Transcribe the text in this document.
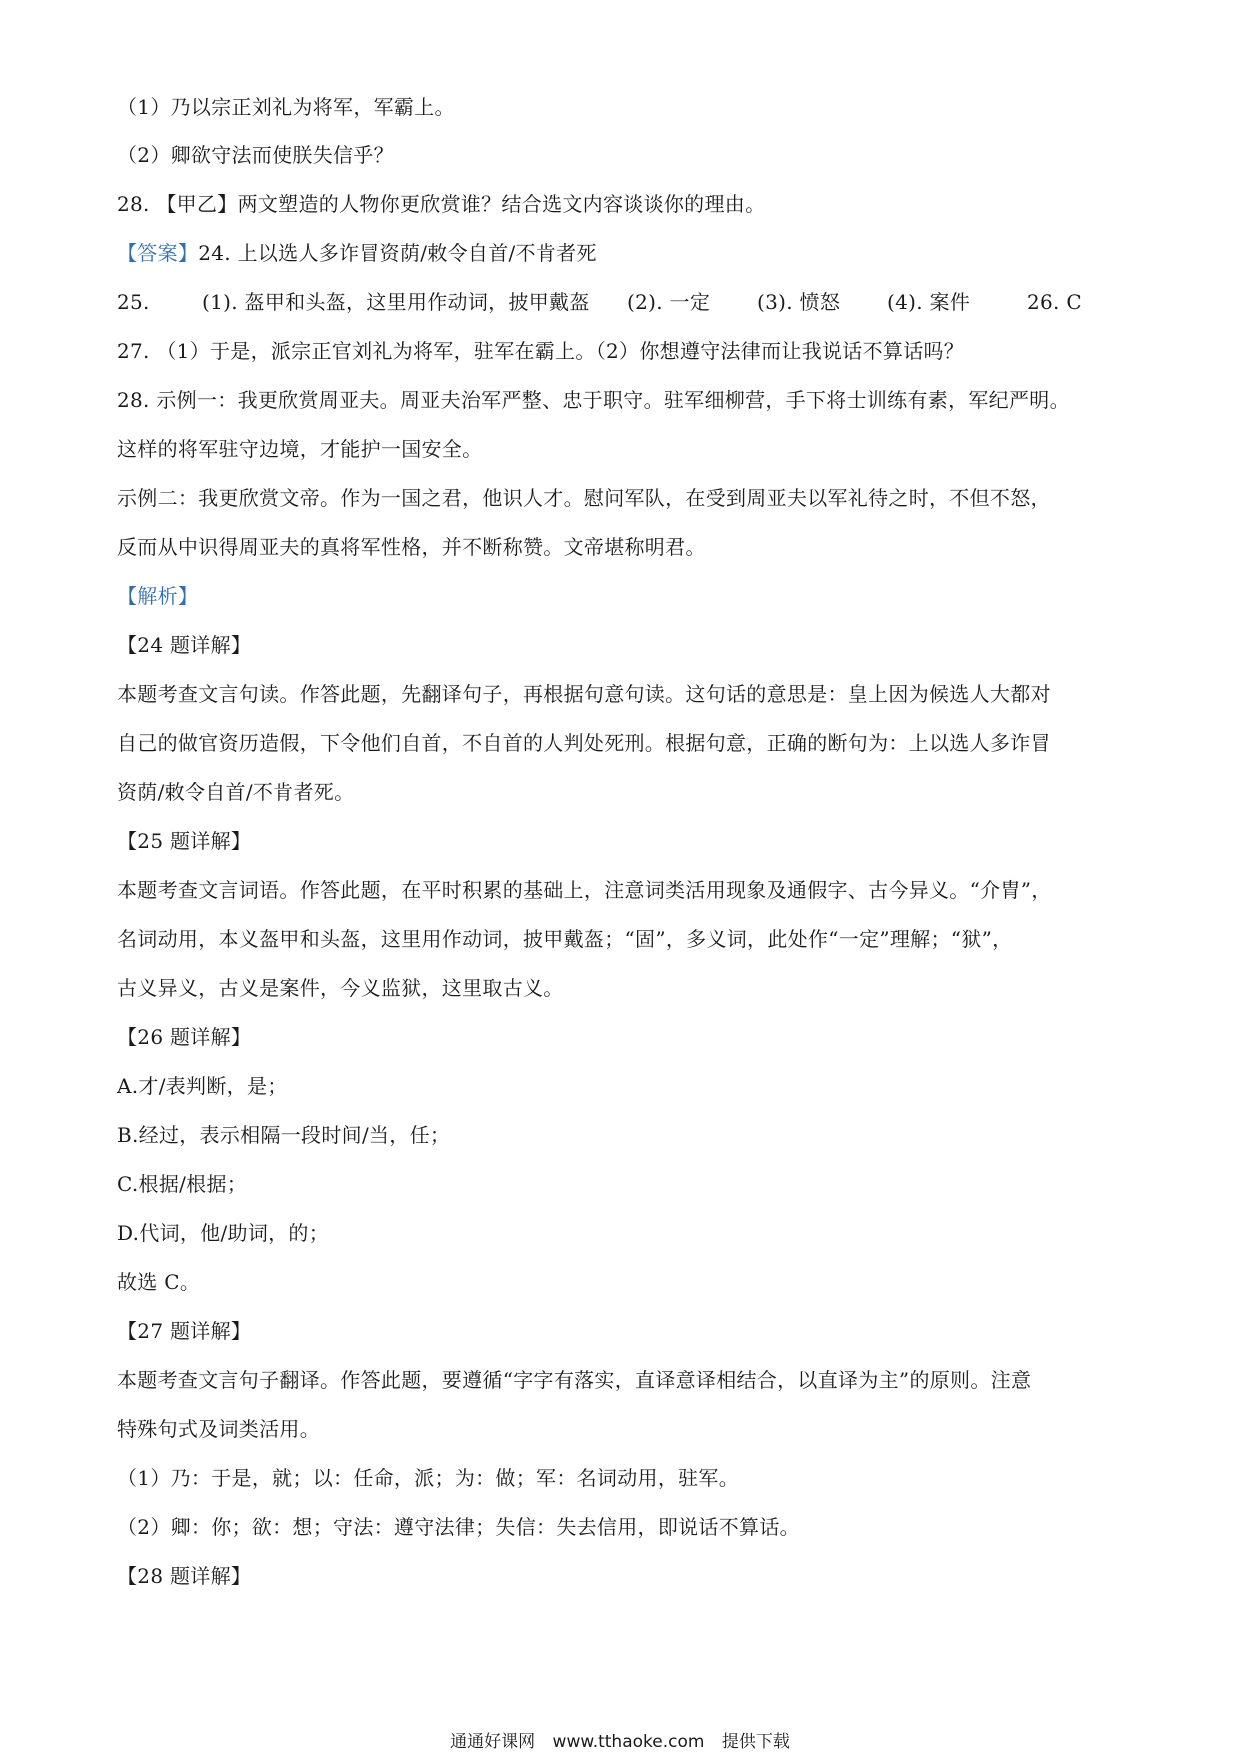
（1）乃以宗正刘礼为将军，军霸上。
（2）卿欲守法而使朕失信乎？
28. 【甲乙】两文塑造的人物你更欣赏谁？结合选文内容谈谈你的理由。
【答案】24. 上以选人多诈冒资荫/敕令自首/不肯者死
25.	(1). 盔甲和头盔，这里用作动词，披甲戴盔 (2). 一定 (3). 愤怒 (4). 案件	26. C
27. （1）于是，派宗正官刘礼为将军，驻军在霸上。（2）你想遵守法律而让我说话不算话吗？
28. 示例一：我更欣赏周亚夫。周亚夫治军严整、忠于职守。驻军细柳营，手下将士训练有素，军纪严明。
这样的将军驻守边境，才能护一国安全。
示例二：我更欣赏文帝。作为一国之君，他识人才。慰问军队，在受到周亚夫以军礼待之时，不但不怒，
反而从中识得周亚夫的真将军性格，并不断称赞。文帝堪称明君。
【解析】
【24 题详解】
本题考查文言句读。作答此题，先翻译句子，再根据句意句读。这句话的意思是：皇上因为候选人大都对
自己的做官资历造假，下令他们自首，不自首的人判处死刑。根据句意，正确的断句为：上以选人多诈冒
资荫/敕令自首/不肯者死。
【25 题详解】
本题考查文言词语。作答此题，在平时积累的基础上，注意词类活用现象及通假字、古今异义。“介胄”，
名词动用，本义盔甲和头盔，这里用作动词，披甲戴盔；“固”，多义词，此处作“一定”理解；“狱”，
古义异义，古义是案件，今义监狱，这里取古义。
【26 题详解】
A.才/表判断，是；
B.经过，表示相隔一段时间/当，任；
C.根据/根据；
D.代词，他/助词，的；
故选 C。
【27 题详解】
本题考查文言句子翻译。作答此题，要遵循“字字有落实，直译意译相结合，以直译为主”的原则。注意
特殊句式及词类活用。
（1）乃：于是，就；以：任命，派；为：做；军：名词动用，驻军。
（2）卿：你；欲：想；守法：遵守法律；失信：失去信用，即说话不算话。
【28 题详解】
通通好课网 www.tthaoke.com 提供下载
